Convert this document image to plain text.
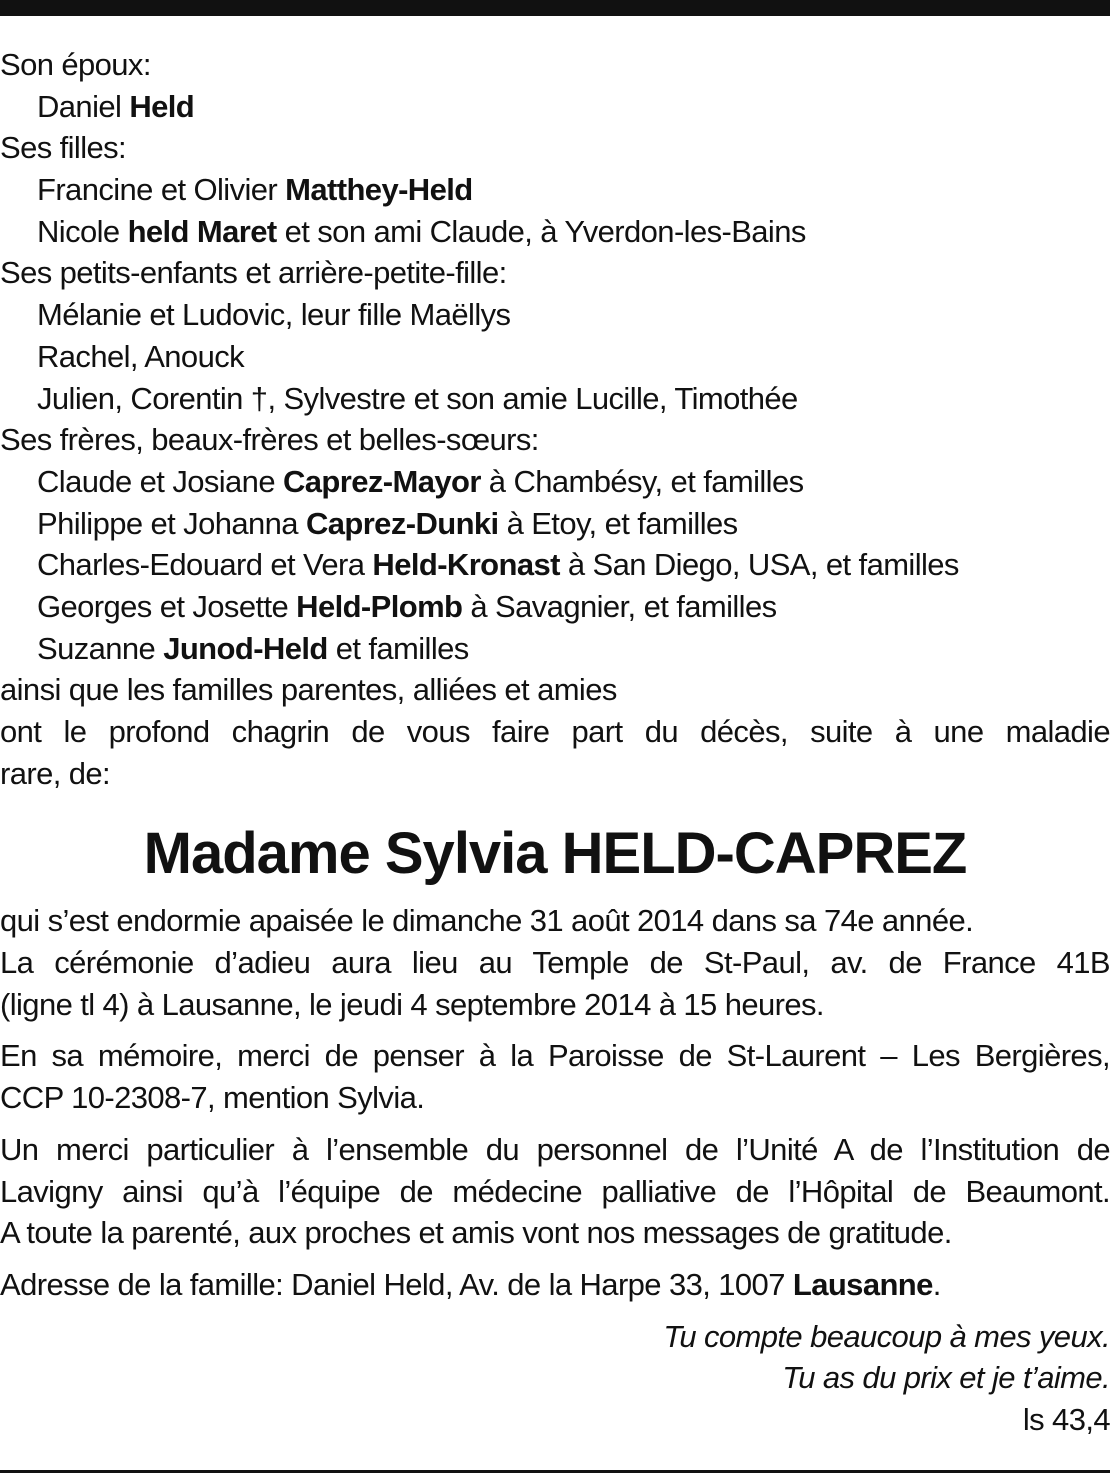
Son époux:
Daniel Held
Ses filles:
Francine et Olivier Matthey-Held
Nicole held Maret et son ami Claude, à Yverdon-les-Bains
Ses petits-enfants et arrière-petite-fille:
Mélanie et Ludovic, leur fille Maëllys
Rachel, Anouck
Julien, Corentin †, Sylvestre et son amie Lucille, Timothée
Ses frères, beaux-frères et belles-sœurs:
Claude et Josiane Caprez-Mayor à Chambésy, et familles
Philippe et Johanna Caprez-Dunki à Etoy, et familles
Charles-Edouard et Vera Held-Kronast à San Diego, USA, et familles
Georges et Josette Held-Plomb à Savagnier, et familles
Suzanne Junod-Held et familles
ainsi que les familles parentes, alliées et amies
ont le profond chagrin de vous faire part du décès, suite à une maladie
rare, de:
Madame Sylvia HELD-CAPREZ
qui s’est endormie apaisée le dimanche 31 août 2014 dans sa 74e année.
La cérémonie d’adieu aura lieu au Temple de St-Paul, av. de France 41B
(ligne tl 4) à Lausanne, le jeudi 4 septembre 2014 à 15 heures.
En sa mémoire, merci de penser à la Paroisse de St-Laurent – Les Bergières,
CCP 10-2308-7, mention Sylvia.
Un merci particulier à l’ensemble du personnel de l’Unité A de l’Institution de
Lavigny ainsi qu’à l’équipe de médecine palliative de l’Hôpital de Beaumont.
A toute la parenté, aux proches et amis vont nos messages de gratitude.
Adresse de la famille: Daniel Held, Av. de la Harpe 33, 1007 Lausanne.
Tu compte beaucoup à mes yeux.
Tu as du prix et je t’aime.
ls 43,4
